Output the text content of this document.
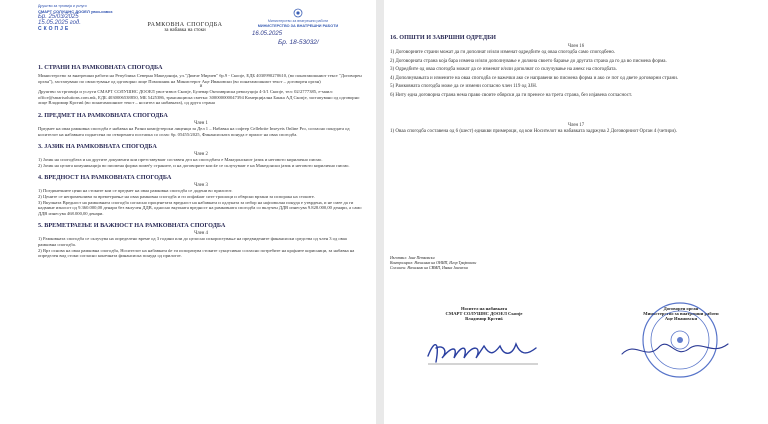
Друштво за трговија и услуги
СМАРТ СОЛУШНС ДООЕЛ увоз-извоз
Бр. 25/03/2025
15.05.2025 год.
СКОПЈЕ
РАМКОВНА СПОГОДБА
за набавка на стоки
Министерство за внатрешни работи
МИНИСТЕРСТВО ЗА ВНАТРЕШНИ РАБОТИ
16.05.2025
Бр. 18-53032/

1. СТРАНИ НА РАМКОВНАТА СПОГОДБА

Министерство за внатрешни работи на Република Северна Македонија, ул."Димче Мирчев" бр.9 - Скопје, ЕДБ 4030990270610, (во понатамошниот текст "Договорен орган"), застапувано по овластување од одговорно лице Помошник на Министерот Аце Ивановски (во понатамошниот текст – договорен орган)

и

Друштво за трговија и услуги СМАРТ СОЛУШНС ДООЕЛ увоз-извоз Скопје, Булевар Октомвриска револуција 4-3/1 Скопје, тел: 02/2777385, е-маил: office@smartsolutions.com.mk, ЕДБ 4030006538850, МБ 5425386, трансакциска сметка: 300000000047394 Комерцијална Банка АД Скопје, застапувано од одговорно лице Владимир Крстиќ (во понатамошниот текст – носител на набавката), од друга страна

2. ПРЕДМЕТ НА РАМКОВНАТА СПОГОДБА

Член 1

Предмет на оваа рамковна спогодба е набавка на Разни компјутерски лиценци за Дел 1 – Набавка на софтер Cellebrite Inseyets Online Pro, согласно понудата од носителот на набавката поднесена по отворената постапка со оглас бр. 05455/2025, Финансиската понуда е прилог на оваа спогодба.

3. ЈАЗИК НА РАМКОВНАТА СПОГОДБА

Член 2

1) Јазик на спогодбата и на другите документи кои претставуваат составен дел на спогодбата е Македонскиот јазик и неговото кирилично писмо.
2) Јазик на целата комуникација во писмена форма помеѓу страните, и на договорите кои ќе се склучуваат е на Македонски јазик и неговото кирилично писмо.

4. ВРЕДНОСТ НА РАМКОВНАТА СПОГОДБА

Член 3

1) Поединечните цени на стоките кои се предмет на оваа рамковна спогодба се дадени во прилогот.
2) Цените се непроменливи за времетраење на оваа рамковна спогодба и ги опфаќаат сите трошоци и обврски врзани за испорака на стоките.
3) Вкупната Вредност на рамковната спогодба согласно проценетата вредност на набавката и одлуката за избор на најповолна понуда е утврдена, и не смее да ги надмине износот од 9.360.000,00 денари без вклучен ДДВ, односно вкупната вредност на рамковната спогодба со вклучен ДДВ изнесува 9.828.000,00 денари, а само ДДВ изнесува 468.000,00 денари.

5. ВРЕМЕТРАЕЊЕ И ВАЖНОСТ НА РАМКОВНАТА СПОГОДБА

Член 4

1) Рамковната спогодба се склучува на определено време од 3 години или до целосно искористување на предвидените финансиски средства од член 3 од оваа рамковна спогодба.
2) Врз основа на оваа рамковна спогодба, Носителот на набавката ќе ги испорачува стоките сукцесивно согласно потребите на крајните корисници, за набавка на определен вид стоки согласно конечната финансиска понуда од прилогот.

16. ОПШТИ И ЗАВРШНИ ОДРЕДБИ

Член 16

1) Договорните страни можат да ги дополнат и/или изменат одредбите од оваа спогодба само спогодбено.
2) Договорната страна која бара измена и/или дополнување е должна своето барање до другата страна да го да во писмена форма.
3) Одредбите од оваа спогодба можат да се изменат и/или дополнат со склучување на анекс на спогодбата.
4) Дополнувањата и измените на оваа спогодба се важечки ако се направени во писмена форма и ако се пот од двете договорни страни.
5) Рамковната спогодба може да се измени согласно член 119 од ЗЈН.
6) Ниту една договорна страна нема право своите обврски да ги пренесе на трета страна, без изјавена согласност.

Член 17

1) Оваа спогодба составена од 6 (шест) еднакви примероци, од кои Носителот на набавката задржува 2 Договорниот Орган 4 (четири).

Изготвил: Јане Петковски
Контролирал: Началник на ОНИП, Игор Трајковски
Согласен: Началник на СВМП, Ивана Јанческа
Носител на набавката
СМАРТ СОЛУШНС ДООЕЛ Скопје
Владимир Крстиќ
Договорен орган
Министерство за внатрешни работи
Аце Ивановски
